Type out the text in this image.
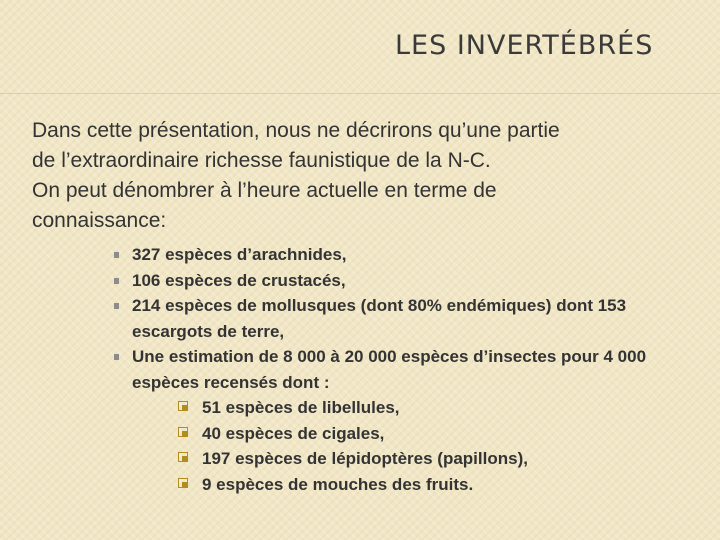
LES INVERTÉBRÉS

Dans cette présentation, nous ne décrirons qu’une partie

de l’extraordinaire richesse faunistique de la N-C.

On peut dénombrer à l’heure actuelle en terme de

connaissance:

327 espèces d’arachnides,
106 espèces de crustacés,
214 espèces de mollusques (dont 80% endémiques) dont 153 escargots de terre,
Une estimation de 8 000 à 20 000 espèces d’insectes pour 4 000 espèces recensés dont :
51 espèces de libellules,
40 espèces de cigales,
197 espèces de lépidoptères (papillons),
9 espèces de mouches des fruits.
